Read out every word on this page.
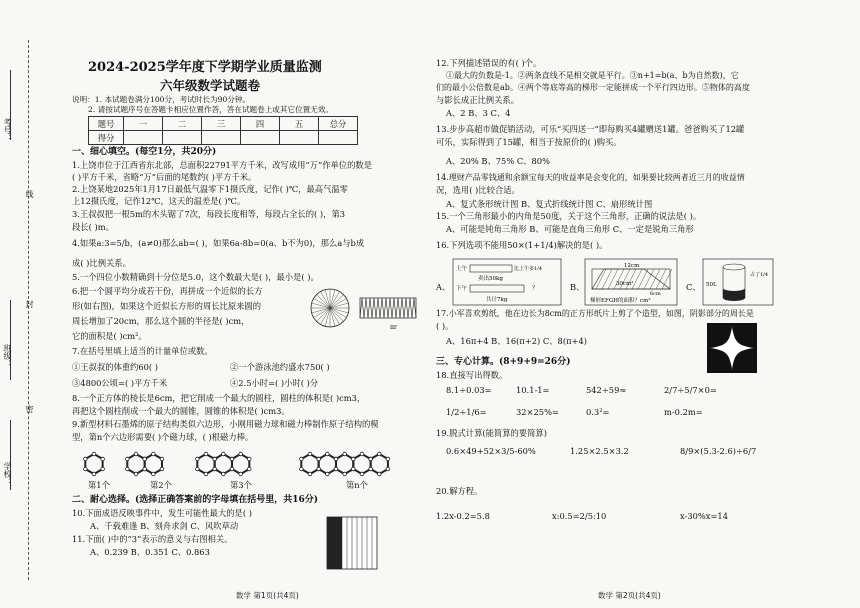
考号：
线
封
班级：
密
学校：
2024-2025学年度下学期学业质量监测
六年级数学试题卷
说明：1. 本试题卷满分100分，考试时长为90分钟。
2. 请按试题序号在答题卡相应位置作答，答在试题卷上或其它位置无效。
题号	一	二	三	四	五	总分
得分						
一、细心填空。(每空1分，共20分)
1.上饶市位于江西省东北部，总面积22791平方千米，改写成用“万”作单位的数是
( )平方千米，省略“万”后面的尾数约( )平方千米。
2.上饶某地2025年1月17日最低气温零下1摄氏度，记作( )℃，最高气温零
上12摄氏度，记作12℃，这天的温差是( )℃。
3.王叔叔把一根5m的木头锯了7次，每段长度相等，每段占全长的( )，第3
段长( )m。
4.如果a:3=5/b，(a≠0)那么ab=( )，如果6a-8b=0(a、b不为0)，那么a与b成
成( )比例关系。
5.一个四位小数精确到十分位是5.0，这个数最大是( )，最小是( )。
6.把一个圆平均分成若干份，再拼成一个近似的长方
形(如右图)，如果这个近似长方形的周长比原来圆的
周长增加了20cm，那么这个圆的半径是( )cm，
它的面积是( )cm²。
πr
7.在括号里填上适当的计量单位或数。
①王叔叔的体重约60( )	②一个游泳池约盛水750( )
③4800公顷=( )平方千米	④2.5小时=( )小时( )分
8.一个正方体的棱长是6cm，把它削成一个最大的圆柱，圆柱的体积是( )cm3，
再把这个圆柱削成一个最大的圆锥，圆锥的体积是( )cm3。
9.新型材料石墨烯的原子结构类似六边形，小刚用磁力球和磁力棒制作原子结构的模
型，第n个六边形需要( )个磁力球，( )根磁力棒。
第1个	第2个	第3个	第n个
二、耐心选择。(选择正确答案前的字母填在括号里，共16分)
10.下面成语反映事件中，发生可能性最大的是( )
A、千载难逢 B、刻舟求剑 C、风吹草动
11.下面( )中的“3”表示的意义与右图相关。
A、0.239 B、0.351 C、0.863
数学 第1页(共4页)
12.下列描述错误的有( )个。
①最大的负数是-1。②两条直线不是相交就是平行。③n+1=b(a、b为自然数)，它
们的最小公倍数是ab。④两个等底等高的梯形一定能拼成一个平行四边形。⑤物体的高度
与影长成正比例关系。
A、2 B、3 C、4
13.步步高超市做促销活动，可乐“买四送一”即每购买4罐赠送1罐。爸爸购买了12罐
可乐，实际得到了15罐，相当于按原价的( )购买。
A、20% B、75% C、80%
14.理财产品零钱通和余额宝每天的收益率是会变化的，如果要比较两者近三月的收益情
况，选用( )比较合适。
A、复式条形统计图 B、复式折线统计图 C、扇形统计图
15.一个三角形最小的内角是50度，关于这个三角形，正确的说法是( )。
A、可能是钝角三角形 B、可能是直角三角形 C、一定是锐角三角形
16.下列选项不能用50×(1+1/4)解决的是( )。
A、
上午	比上午多1/4
卖出50kg
下午	？
共计7kg
B、
12cm
30cm²
6cm
梯形EFGH的面积？cm²
C、 50L
占了1/4
17.小军喜欢剪纸，他在边长为8cm的正方形纸片上剪了个造型，如图，阴影部分的周长是
( )。
A、16π+4 B、16(π+2) C、8(π+4)
三、专心计算。(8+9+9=26分)
18.直接写出得数。
8.1÷0.03=	10.1-1=	542÷59≈	2/7÷5/7×0=
1/2÷1/6=	32×25%=	0.3²=	m-0.2m=
19.脱式计算(能简算的要简算)
0.6×49+52×3/5-60%	1.25×2.5×3.2	8/9×(5.3-2.6)÷6/7
20.解方程。
1.2x-0.2=5.8	x:0.5=2/5:10	x-30%x=14
数学 第2页(共4页)
